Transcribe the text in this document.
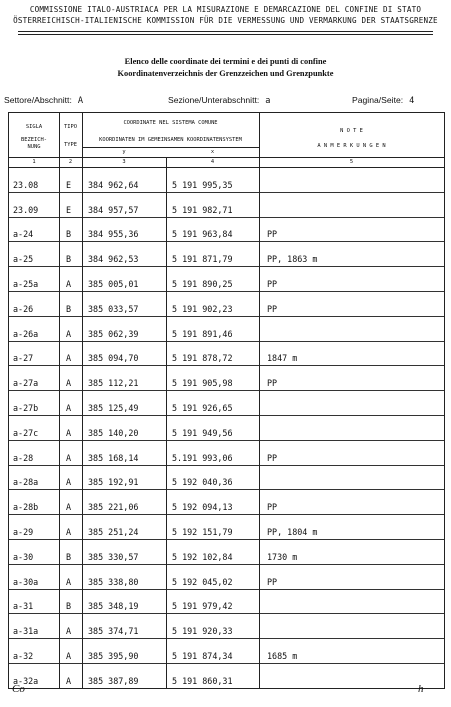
COMMISSIONE ITALO-AUSTRIACA PER LA MISURAZIONE E DEMARCAZIONE DEL CONFINE DI STATO
ÖSTERREICHISCH-ITALIENISCHE KOMMISSION FÜR DIE VERMESSUNG UND VERMARKUNG DER STAATSGRENZE
Elenco delle coordinate dei termini e dei punti di confine
Koordinatenverzeichnis der Grenzzeichen und Grenzpunkte
Settore/Abschnitt: A	Sezione/Unterabschnitt: a	Pagina/Seite: 4
SIGLA
BEZEICH-
NUNG
TIPO
TYPE
COORDINATE NEL SISTEMA COMUNE
KOORDINATEN IM GEMEINSAMEN KOORDINATENSYSTEM
y	x
N O T E
A N M E R K U N G E N
1	2	3	4	5
23.08	E 384 962,64	5 191 995,35
23.09	E 384 957,57	5 191 982,71
a-24	B 384 955,36	5 191 963,84	PP
a-25	B 384 962,53	5 191 871,79	PP, 1863 m
a-25a	A 385 005,01	5 191 890,25	PP
a-26	B 385 033,57	5 191 902,23	PP
a-26a	A 385 062,39	5 191 891,46
a-27	A 385 094,70	5 191 878,72	1847 m
a-27a	A 385 112,21	5 191 905,98	PP
a-27b	A 385 125,49	5 191 926,65
a-27c	A 385 140,20	5 191 949,56
a-28	A 385 168,14	5.191 993,06	PP
a-28a	A 385 192,91	5 192 040,36
a-28b	A 385 221,06	5 192 094,13	PP
a-29	A 385 251,24	5 192 151,79	PP, 1804 m
a-30	B 385 330,57	5 192 102,84	1730 m
a-30a	A 385 338,80	5 192 045,02	PP
a-31	B 385 348,19	5 191 979,42
a-31a	A 385 374,71	5 191 920,33
a-32	A 385 395,90	5 191 874,34	1685 m
a-32a	A 385 387,89	5 191 860,31
Co	h
